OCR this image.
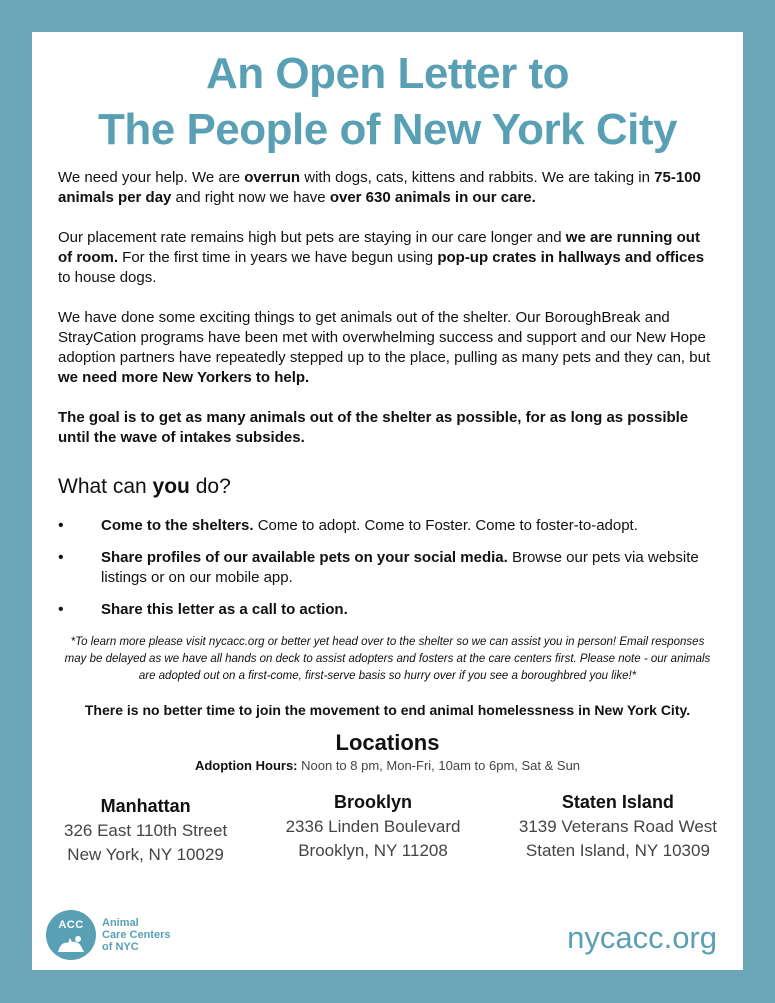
An Open Letter to
The People of New York City

We need your help. We are overrun with dogs, cats, kittens and rabbits. We are taking in 75-100 animals per day and right now we have over 630 animals in our care.

Our placement rate remains high but pets are staying in our care longer and we are running out of room. For the first time in years we have begun using pop-up crates in hallways and offices to house dogs.

We have done some exciting things to get animals out of the shelter. Our BoroughBreak and StrayCation programs have been met with overwhelming success and support and our New Hope adoption partners have repeatedly stepped up to the place, pulling as many pets and they can, but we need more New Yorkers to help.

The goal is to get as many animals out of the shelter as possible, for as long as possible until the wave of intakes subsides.

What can you do?
• Come to the shelters. Come to adopt. Come to Foster. Come to foster-to-adopt.
• Share profiles of our available pets on your social media. Browse our pets via website listings or on our mobile app.
• Share this letter as a call to action.
*To learn more please visit nycacc.org or better yet head over to the shelter so we can assist you in person! Email responses may be delayed as we have all hands on deck to assist adopters and fosters at the care centers first. Please note - our animals are adopted out on a first-come, first-serve basis so hurry over if you see a boroughbred you like!*
There is no better time to join the movement to end animal homelessness in New York City.
Locations
Adoption Hours: Noon to 8 pm, Mon-Fri, 10am to 6pm, Sat & Sun
Manhattan
326 East 110th Street
New York, NY 10029
Brooklyn
2336 Linden Boulevard
Brooklyn, NY 11208
Staten Island
3139 Veterans Road West
Staten Island, NY 10309
ACC Animal
Care Centers
of NYC	nycacc.org
